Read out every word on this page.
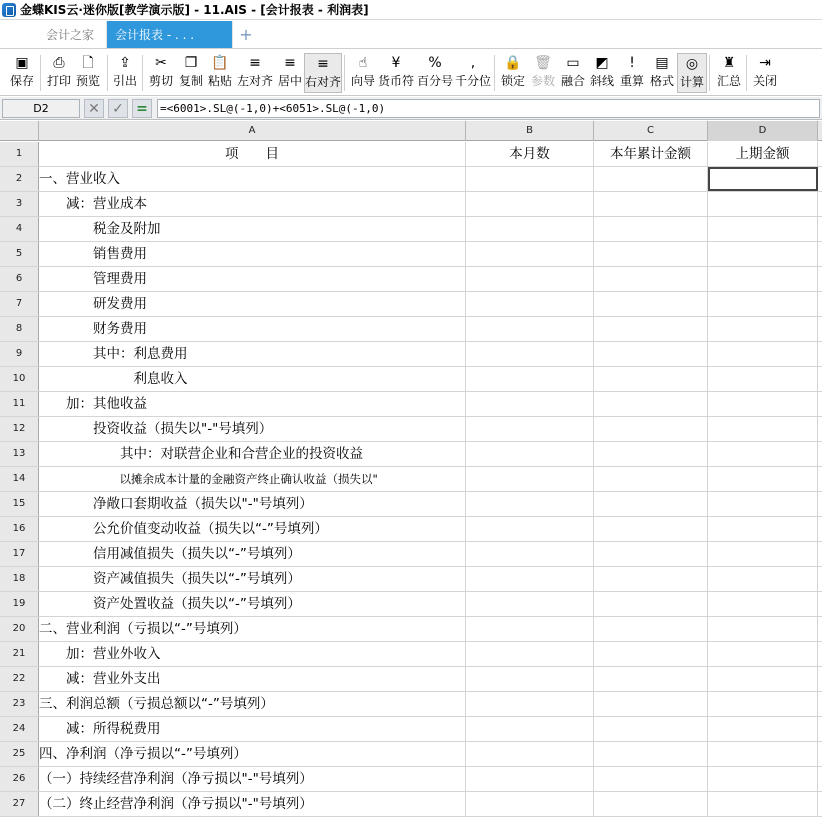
金蝶KIS云·迷你版[教学演示版] - 11.AIS - [会计报表 - 利润表]
会计之家	会计报表 - . . .	+
▣
保存
⎙
打印
🗋
预览
⇪
引出
✂
剪切
❐
复制
📋
粘贴
≡
左对齐
≡
居中
≡
右对齐
☝
向导
¥
货币符
%
百分号
,
千分位
🔒
锁定
🗑
参数
▭
融合
◩
斜线
!
重算
▤
格式
◎
计算
♜
汇总
⇥
关闭
D2	✕ ✓ =	=<6001>.SL@(-1,0)+<6051>.SL@(-1,0)
A	B	C	D
1	项　　目	本月数	本年累计金额	上期金额
2	一、营业收入
3	　　减：营业成本
4	　　　　税金及附加
5	　　　　销售费用
6	　　　　管理费用
7	　　　　研发费用
8	　　　　财务费用
9	　　　　其中：利息费用
10	　　　　　　　利息收入
11	　　加：其他收益
12	　　　　投资收益（损失以"-"号填列）
13	　　　　　　其中：对联营企业和合营企业的投资收益
14	　　　　　　　以摊余成本计量的金融资产终止确认收益（损失以"
15	　　　　净敞口套期收益（损失以"-"号填列）
16	　　　　公允价值变动收益（损失以“-”号填列）
17	　　　　信用减值损失（损失以“-”号填列）
18	　　　　资产减值损失（损失以“-”号填列）
19	　　　　资产处置收益（损失以“-”号填列）
20	二、营业利润（亏损以“-”号填列）
21	　　加：营业外收入
22	　　减：营业外支出
23	三、利润总额（亏损总额以“-”号填列）
24	　　减：所得税费用
25	四、净利润（净亏损以“-”号填列）
26	（一）持续经营净利润（净亏损以"-"号填列）
27	（二）终止经营净利润（净亏损以"-"号填列）
